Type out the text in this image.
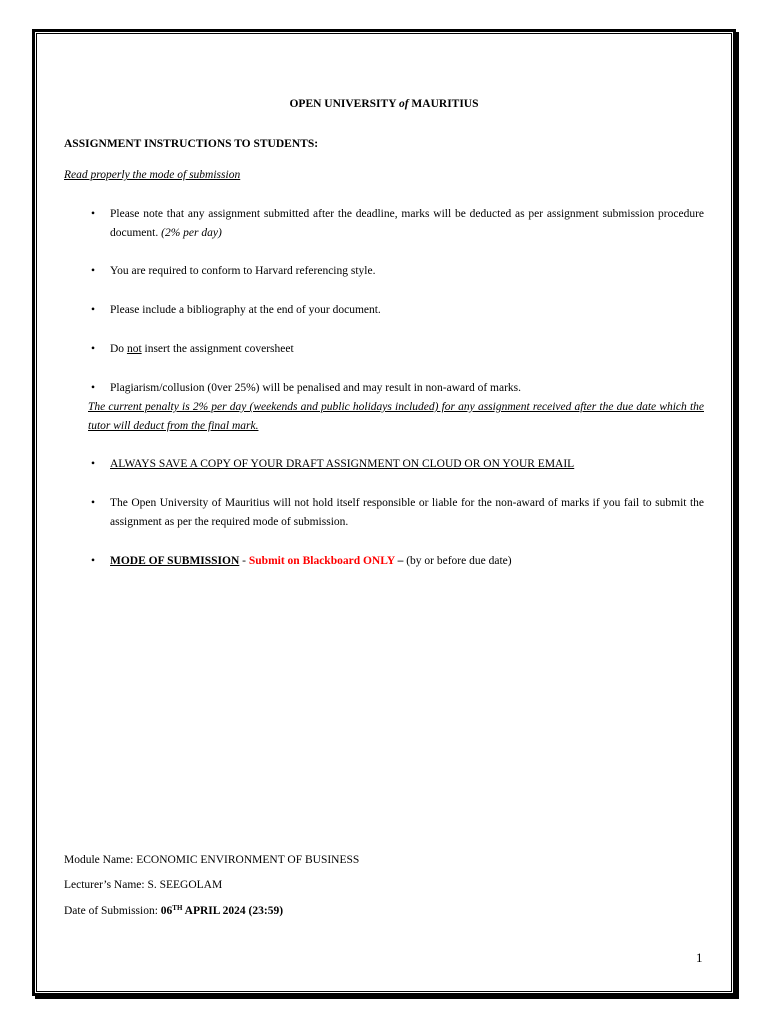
OPEN UNIVERSITY of MAURITIUS
ASSIGNMENT INSTRUCTIONS TO STUDENTS:
Read properly the mode of submission
• Please note that any assignment submitted after the deadline, marks will be deducted as per assignment submission procedure document. (2% per day)
• You are required to conform to Harvard referencing style.
• Please include a bibliography at the end of your document.
• Do not insert the assignment coversheet
• Plagiarism/collusion (0ver 25%) will be penalised and may result in non-award of marks.
The current penalty is 2% per day (weekends and public holidays included) for any assignment received after the due date which the tutor will deduct from the final mark.
• ALWAYS SAVE A COPY OF YOUR DRAFT ASSIGNMENT ON CLOUD OR ON YOUR EMAIL
• The Open University of Mauritius will not hold itself responsible or liable for the non-award of marks if you fail to submit the assignment as per the required mode of submission.
• MODE OF SUBMISSION - Submit on Blackboard ONLY – (by or before due date)
Module Name: ECONOMIC ENVIRONMENT OF BUSINESS
Lecturer’s Name: S. SEEGOLAM
Date of Submission: 06TH APRIL 2024 (23:59)
1
